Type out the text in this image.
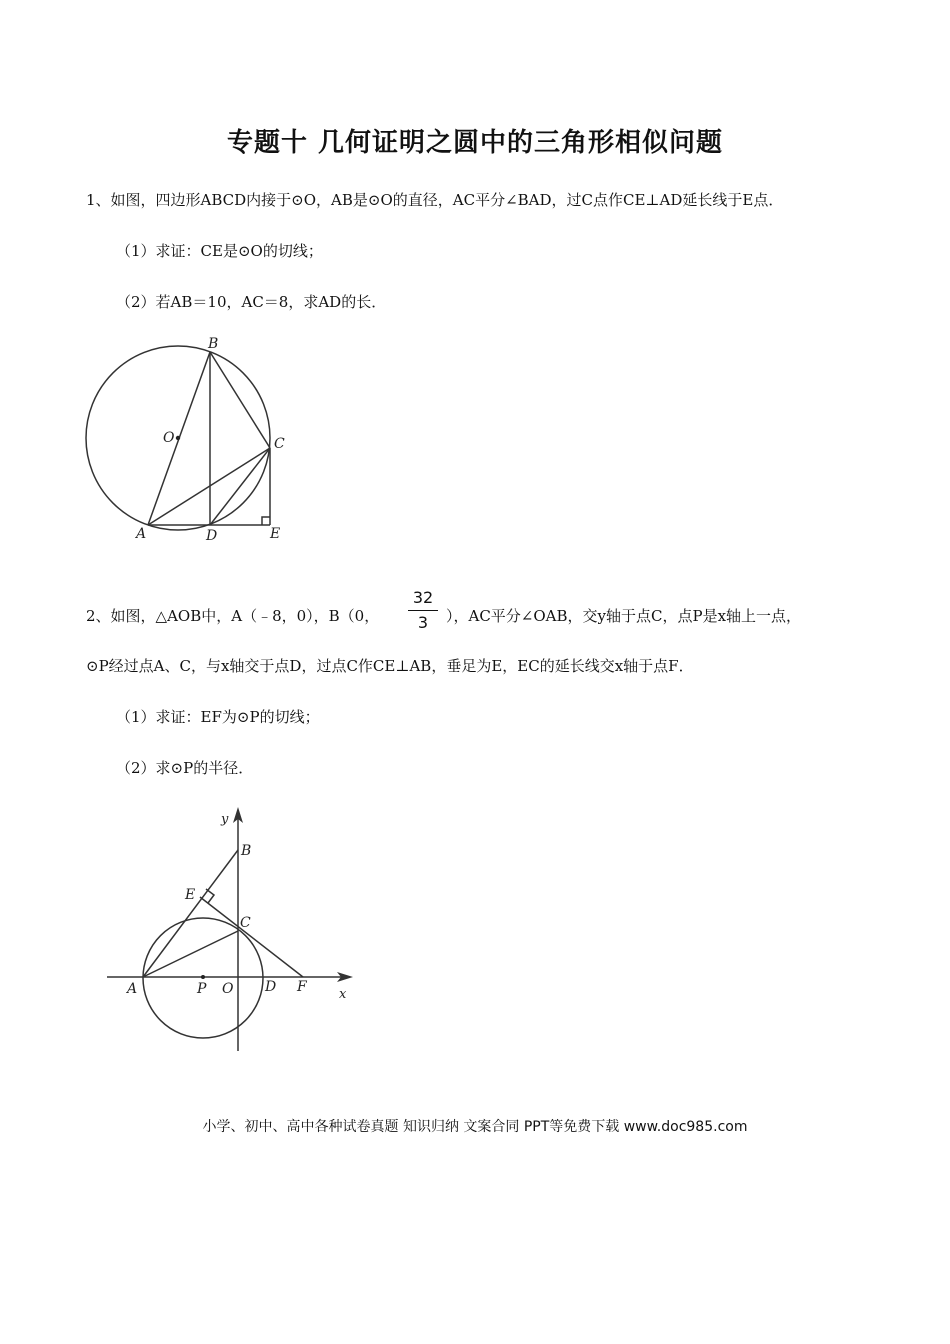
专题十 几何证明之圆中的三角形相似问题
1、如图，四边形ABCD内接于⊙O，AB是⊙O的直径，AC平分∠BAD，过C点作CE⊥AD延长线于E点．
（1）求证：CE是⊙O的切线；
（2）若AB＝10，AC＝8，求AD的长．
B
O	C
A	D	E
2、如图，△AOB中，A（﹣8，0），B（0，
32
3	），AC平分∠OAB，交y轴于点C，点P是x轴上一点，
⊙P经过点A、C，与x轴交于点D，过点C作CE⊥AB，垂足为E，EC的延长线交x轴于点F．
（1）求证：EF为⊙P的切线；
（2）求⊙P的半径．
y
B
E
C
A	P O D F x
小学、初中、高中各种试卷真题 知识归纳 文案合同 PPT等免费下载 www.doc985.com
